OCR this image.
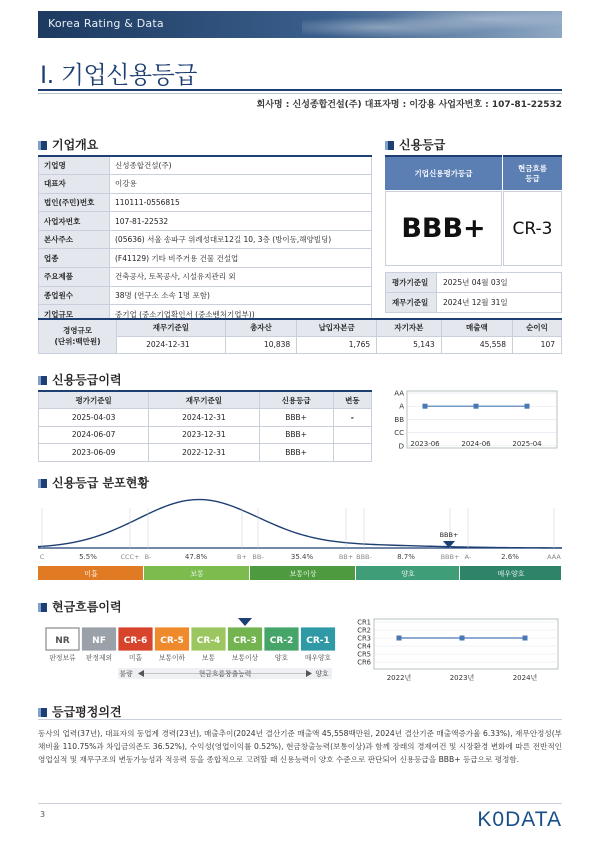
Korea Rating & Data
I. 기업신용등급
회사명 : 신성종합건설(주) 대표자명 : 이강용 사업자번호 : 107-81-22532
기업개요	신용등급
기업명	신성종합건설(주)
대표자	이강용
법인(주민)번호	110111-0556815
사업자번호	107-81-22532
본사주소	(05636) 서울 송파구 위례성대로12길 10, 3층 (방이동,해양빌딩)
업종	(F41129) 기타 비주거용 건물 건설업
주요제품	건축공사, 토목공사, 시설유지관리 외
종업원수	38명 (연구소 소속 1명 포함)
기업규모	중기업 (중소기업확인서 (중소벤처기업부))
기업신용평가등급
현금흐름
등급
BBB+	CR-3
평가기준일	2025년 04월 03일
재무기준일	2024년 12월 31일
경영규모
(단위:백만원)	재무기준일	총자산	납입자본금	자기자본	매출액	순이익
	2024-12-31	10,838	1,765	5,143	45,558	107
신용등급이력
평가기준일	재무기준일	신용등급	변동
2025-04-03	2024-12-31	BBB+	-
2024-06-07	2023-12-31	BBB+	
2023-06-09	2022-12-31	BBB+	
AA
A
BB
CC
D 2023-06	2024-06	2025-04
신용등급 분포현황
C	CCC+ B-	B+ BB-	BB+ BBB-	BBB+ A-	AAA
5.5%	47.8%	35.4%	8.7%	2.6%
BBB+
미흡	보통	보통이상	양호	매우양호
현금흐름이력
NR
판정보류
NF
판정제외
CR-6
미흡
CR-5
보통이하
CR-4
보통
CR-3
보통이상
CR-2
양호
CR-1
매우양호
불량	현금흐름창출능력	양호
CR1
CR2
CR3
CR4
CR5
CR6
2022년	2023년	2024년
등급평정의견
동사의 업력(37년), 대표자의 동업계 경력(23년), 매출추이(2024년 결산기준 매출액 45,558백만원, 2024년 결산기준 매출액증가율 6.33%), 재무안정성(부채비율 110.75%과 차입금의존도 36.52%), 수익성(영업이익률 0.52%), 현금창출능력(보통이상)과 함께 장래의 경제여건 및 시장환경 변화에 따른 전반적인 영업실적 및 재무구조의 변동가능성과 적응력 등을 종합적으로 고려할 때 신용능력이 양호 수준으로 판단되어 신용등급을 BBB+ 등급으로 평정함.
3	K0DATA
